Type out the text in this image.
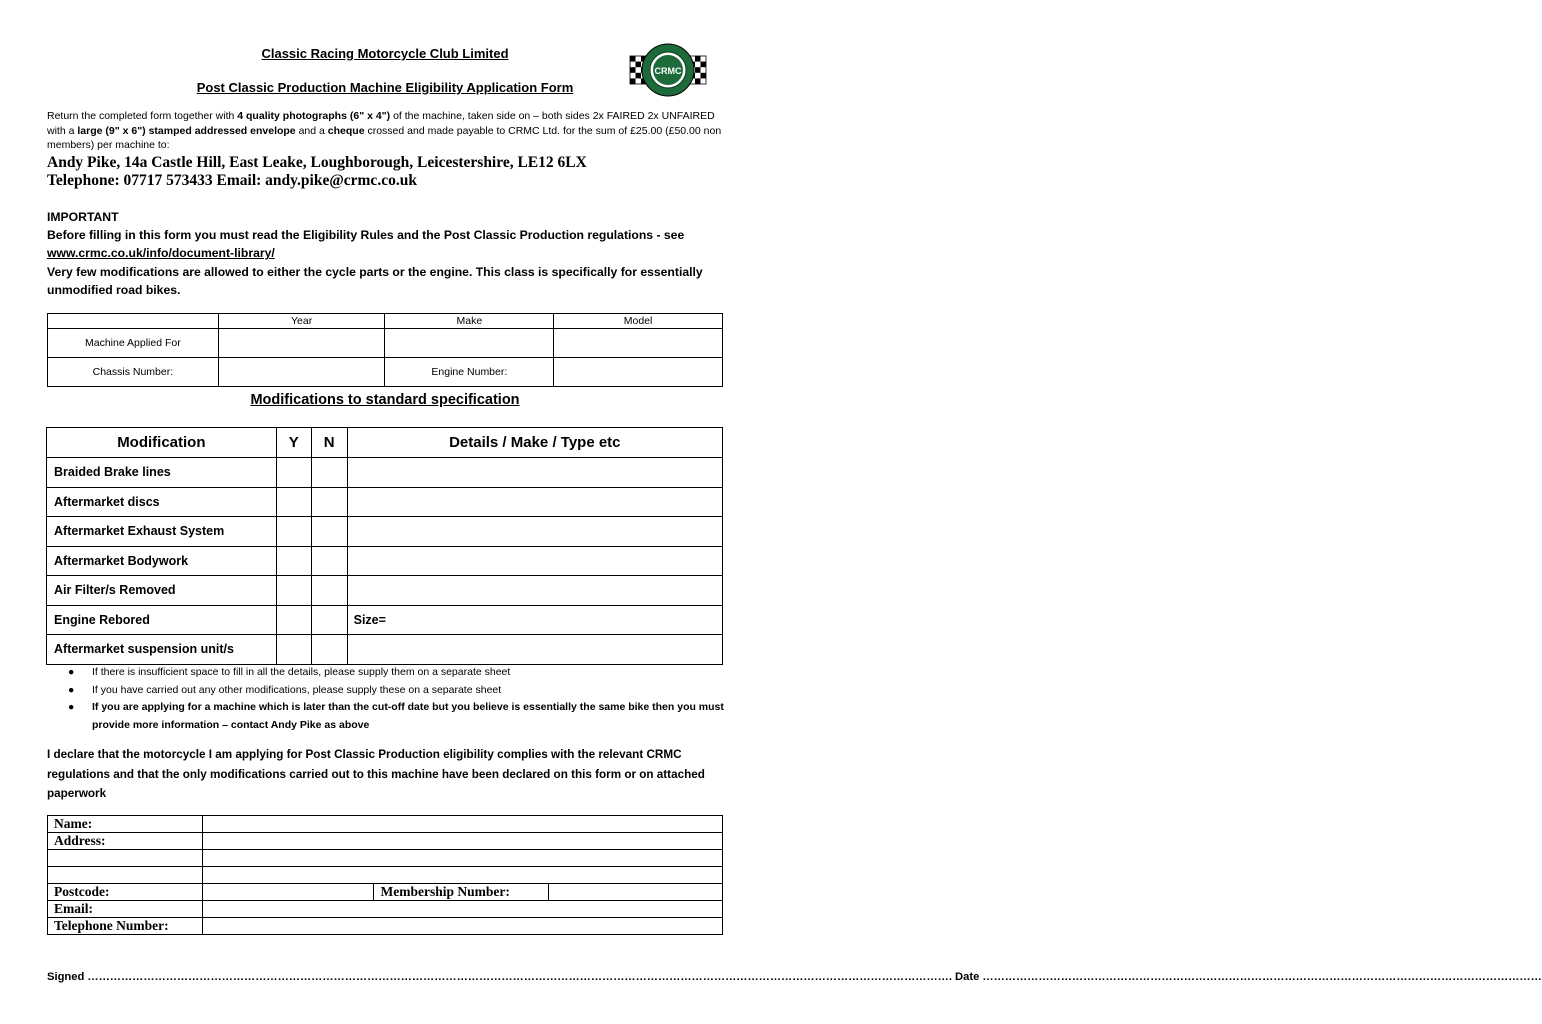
Classic Racing Motorcycle Club Limited
Post Classic Production Machine Eligibility Application Form
CRMC
Return the completed form together with 4 quality photographs (6" x 4") of the machine, taken side on – both sides 2x FAIRED 2x UNFAIRED with a large (9" x 6") stamped addressed envelope and a cheque crossed and made payable to CRMC Ltd. for the sum of £25.00 (£50.00 non members) per machine to:
Andy Pike, 14a Castle Hill, East Leake, Loughborough, Leicestershire, LE12 6LX
Telephone: 07717 573433 Email: andy.pike@crmc.co.uk
IMPORTANT
Before filling in this form you must read the Eligibility Rules and the Post Classic Production regulations - see www.crmc.co.uk/info/document-library/
Very few modifications are allowed to either the cycle parts or the engine. This class is specifically for essentially unmodified road bikes.
	Year	Make	Model
Machine Applied For			
Chassis Number:		Engine Number:	
Modifications to standard specification
Modification	Y	N	Details / Make / Type etc
Braided Brake lines			
Aftermarket discs			
Aftermarket Exhaust System			
Aftermarket Bodywork			
Air Filter/s Removed			
Engine Rebored			Size=
Aftermarket suspension unit/s			
● If there is insufficient space to fill in all the details, please supply them on a separate sheet
● If you have carried out any other modifications, please supply these on a separate sheet
● If you are applying for a machine which is later than the cut-off date but you believe is essentially the same bike then you must provide more information – contact Andy Pike as above
I declare that the motorcycle I am applying for Post Classic Production eligibility complies with the relevant CRMC regulations and that the only modifications carried out to this machine have been declared on this form or on attached paperwork
Name:			
Address:			

Postcode:		Membership Number:	
Email:			
Telephone Number:			
Signed ……………………………………………………………………………………………………………………………………………………………………………………………………………. Date ……………………………………………………………………………………………………………………………………
